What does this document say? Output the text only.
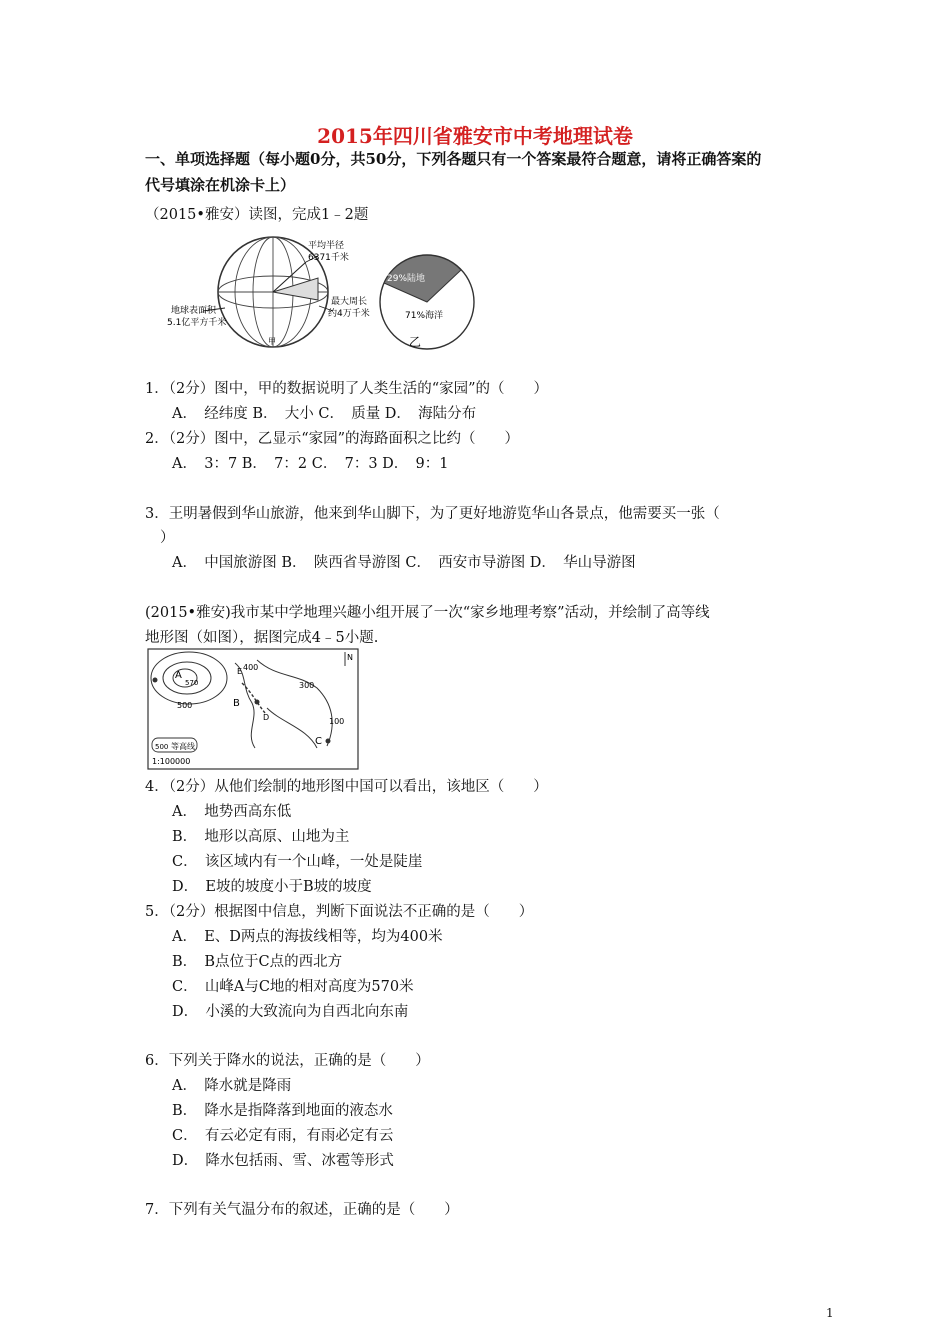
2015年四川省雅安市中考地理试卷
一、单项选择题（每小题0分，共50分，下列各题只有一个答案最符合题意，请将正确答案的
代号填涂在机涂卡上）
（2015•雅安）读图，完成1﹣2题
平均半径
6371千米
地球表面积
5.1亿平方千米
最大周长
约4万千米
甲
29%陆地
71%海洋
乙
1．（2分）图中，甲的数据说明了人类生活的“家园”的（　　）
A．　经纬度 B．　大小 C．　质量 D．　海陆分布
2．（2分）图中，乙显示“家园”的海路面积之比约（　　）
A．　3：7 B．　7：2 C．　7：3 D．　9：1
3．王明暑假到华山旅游，他来到华山脚下，为了更好地游览华山各景点，他需要买一张（
）
A．　中国旅游图 B．　陕西省导游图 C．　西安市导游图 D．　华山导游图
(2015•雅安)我市某中学地理兴趣小组开展了一次“家乡地理考察”活动，并绘制了高等线
地形图（如图），据图完成4﹣5小题.
400
300
100
500
A
570
B
C
E
D
N
500 等高线
1:100000
4．（2分）从他们绘制的地形图中国可以看出，该地区（　　）
A．　地势西高东低
B．　地形以高原、山地为主
C．　该区域内有一个山峰，一处是陡崖
D．　E坡的坡度小于B坡的坡度
5．（2分）根据图中信息，判断下面说法不正确的是（　　）
A．　E、D两点的海拔线相等，均为400米
B．　B点位于C点的西北方
C．　山峰A与C地的相对高度为570米
D．　小溪的大致流向为自西北向东南
6．下列关于降水的说法，正确的是（　　）
A．　降水就是降雨
B．　降水是指降落到地面的液态水
C．　有云必定有雨，有雨必定有云
D．　降水包括雨、雪、冰雹等形式
7．下列有关气温分布的叙述，正确的是（　　）
1
